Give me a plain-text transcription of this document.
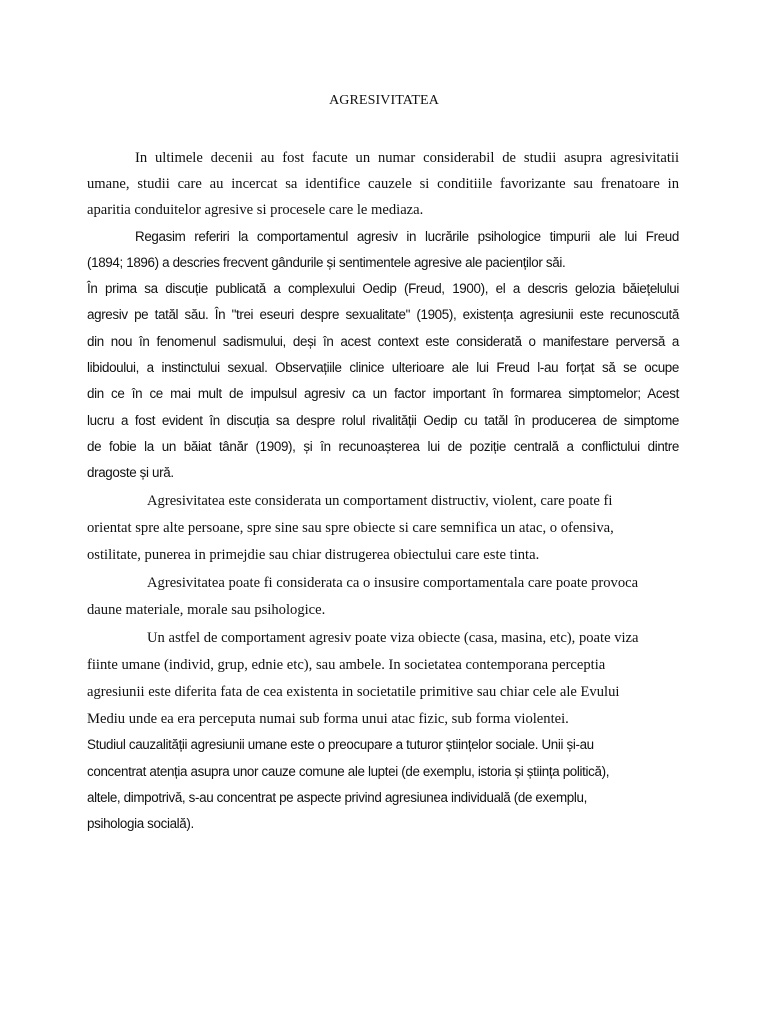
AGRESIVITATEA
In ultimele decenii au fost facute un numar considerabil de studii asupra agresivitatii
umane, studii care au incercat sa identifice cauzele si conditiile favorizante sau frenatoare in
aparitia conduitelor agresive si procesele care le mediaza.
Regasim referiri la comportamentul agresiv in lucrările psihologice timpurii ale lui Freud
(1894; 1896) a descries frecvent gândurile și sentimentele agresive ale pacienților săi.
În prima sa discuție publicată a complexului Oedip (Freud, 1900), el a descris gelozia băiețelului
agresiv pe tatăl său. În "trei eseuri despre sexualitate" (1905), existența agresiunii este recunoscută
din nou în fenomenul sadismului, deși în acest context este considerată o manifestare perversă a
libidoului, a instinctului sexual. Observațiile clinice ulterioare ale lui Freud l-au forțat să se ocupe
din ce în ce mai mult de impulsul agresiv ca un factor important în formarea simptomelor; Acest
lucru a fost evident în discuția sa despre rolul rivalității Oedip cu tatăl în producerea de simptome
de fobie la un băiat tânăr (1909), și în recunoașterea lui de poziție centrală a conflictului dintre
dragoste și ură.
Agresivitatea este considerata un comportament distructiv, violent, care poate fi
orientat spre alte persoane, spre sine sau spre obiecte si care semnifica un atac, o ofensiva,
ostilitate, punerea in primejdie sau chiar distrugerea obiectului care este tinta.
Agresivitatea poate fi considerata ca o insusire comportamentala care poate provoca
daune materiale, morale sau psihologice.
Un astfel de comportament agresiv poate viza obiecte (casa, masina, etc), poate viza
fiinte umane (individ, grup, ednie etc), sau ambele. In societatea contemporana perceptia
agresiunii este diferita fata de cea existenta in societatile primitive sau chiar cele ale Evului
Mediu unde ea era perceputa numai sub forma unui atac fizic, sub forma violentei.
Studiul cauzalității agresiunii umane este o preocupare a tuturor științelor sociale. Unii și-au
concentrat atenția asupra unor cauze comune ale luptei (de exemplu, istoria și știința politică),
altele, dimpotrivă, s-au concentrat pe aspecte privind agresiunea individuală (de exemplu,
psihologia socială).
